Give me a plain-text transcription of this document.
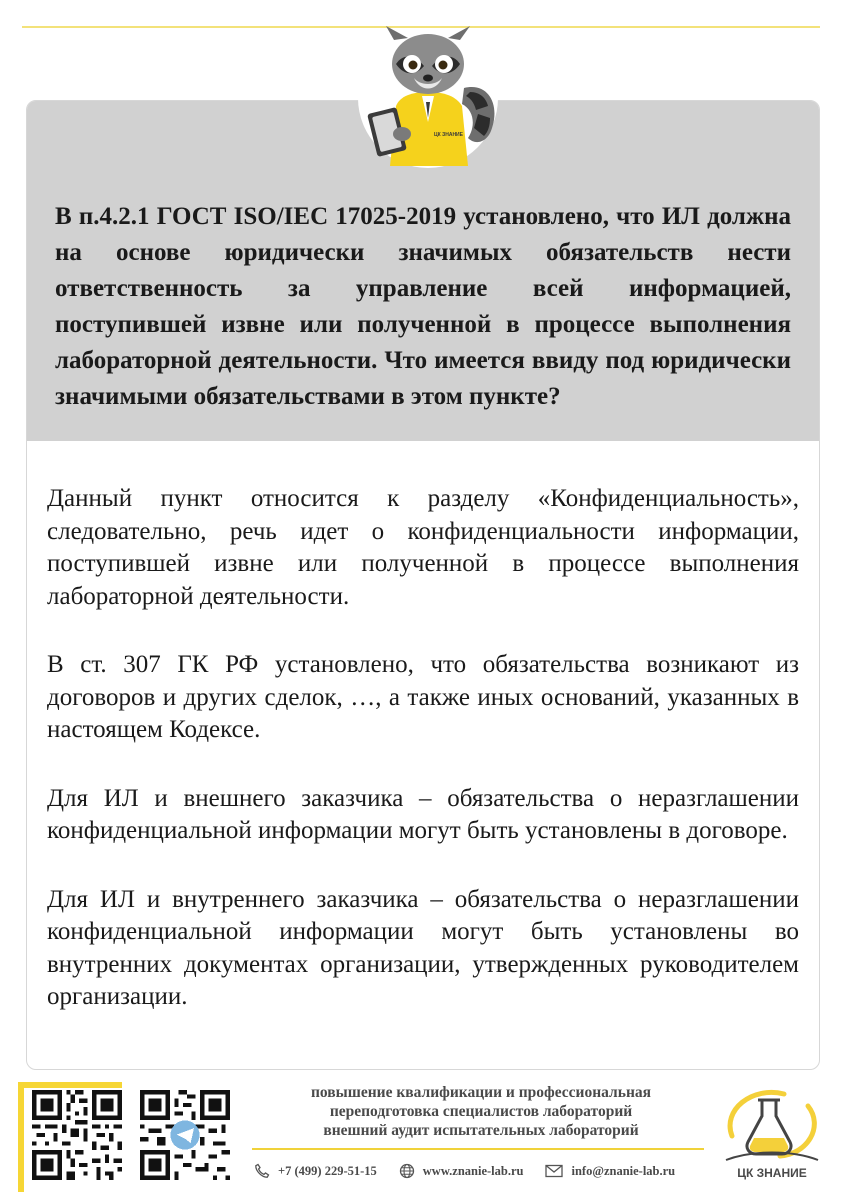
В п.4.2.1 ГОСТ ISO/IEC 17025-2019 установлено, что ИЛ должна на основе юридически значимых обязательств нести ответственность за управление всей информацией, поступившей извне или полученной в процессе выполнения лабораторной деятельности. Что имеется ввиду под юридически значимыми обязательствами в этом пункте?

Данный пункт относится к разделу «Конфиденциальность», следовательно, речь идет о конфиденциальности информации, поступившей извне или полученной в процессе выполнения лабораторной деятельности.

В ст. 307 ГК РФ установлено, что обязательства возникают из договоров и других сделок, …, а также иных оснований, указанных в настоящем Кодексе.

Для ИЛ и внешнего заказчика – обязательства о неразглашении конфиденциальной информации могут быть установлены в договоре.

Для ИЛ и внутреннего заказчика – обязательства о неразглашении конфиденциальной информации могут быть установлены во внутренних документах организации, утвержденных руководителем организации.

ЦК ЗНАНИЕ
повышение квалификации и профессиональная
переподготовка специалистов лабораторий
внешний аудит испытательных лабораторий
+7 (499) 229-51-15	www.znanie-lab.ru	info@znanie-lab.ru	ЦК ЗНАНИЕ
